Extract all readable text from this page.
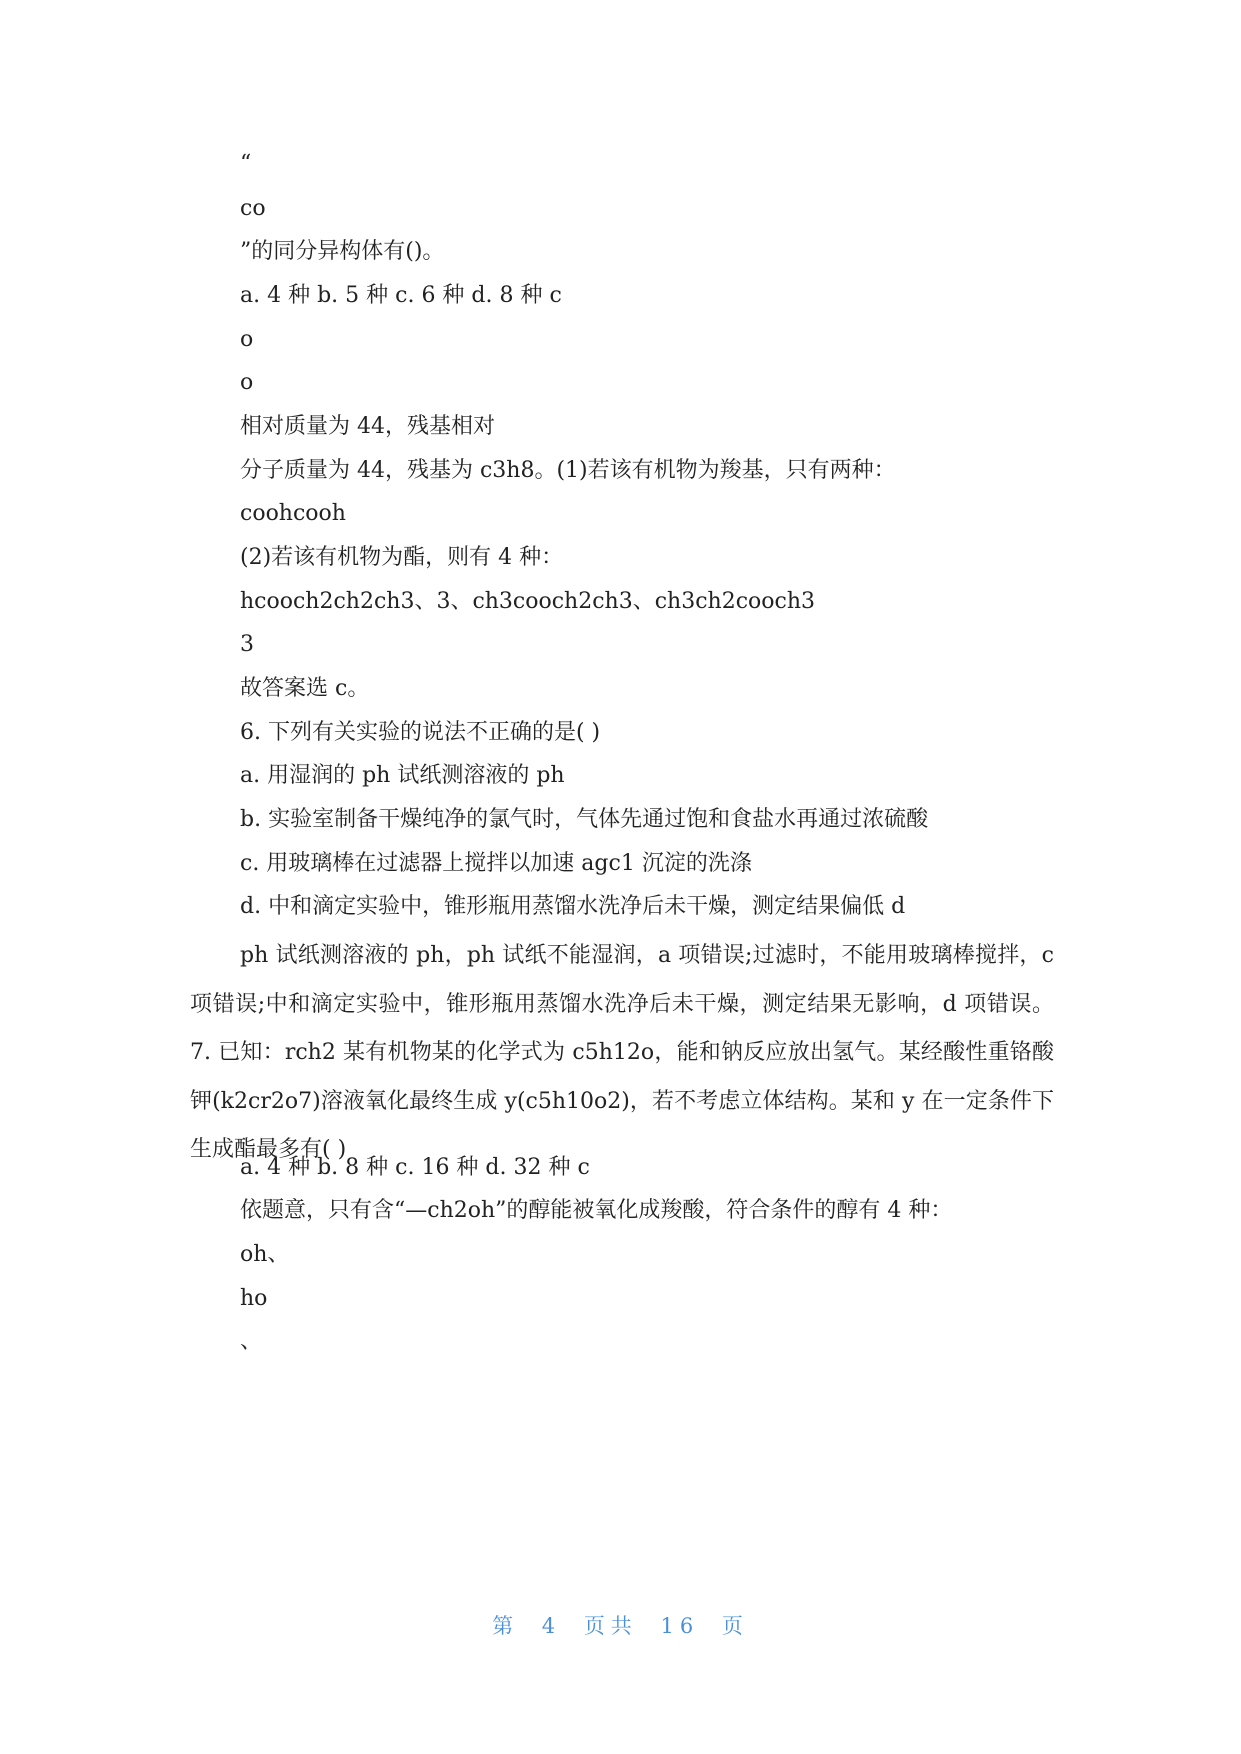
“
co
”的同分异构体有()。
a. 4 种 b. 5 种 c. 6 种 d. 8 种 c
o
o
相对质量为 44，残基相对
分子质量为 44，残基为 c3h8。(1)若该有机物为羧基，只有两种：
coohcooh
(2)若该有机物为酯，则有 4 种：
hcooch2ch2ch3、3、ch3cooch2ch3、ch3ch2cooch3
3
故答案选 c。
6. 下列有关实验的说法不正确的是( )
a. 用湿润的 ph 试纸测溶液的 ph
b. 实验室制备干燥纯净的氯气时，气体先通过饱和食盐水再通过浓硫酸
c. 用玻璃棒在过滤器上搅拌以加速 agc1 沉淀的洗涤
d. 中和滴定实验中，锥形瓶用蒸馏水洗净后未干燥，测定结果偏低 d
ph 试纸测溶液的 ph，ph 试纸不能湿润，a 项错误;过滤时，不能用玻璃棒搅拌，c 项错误;中和滴定实验中，锥形瓶用蒸馏水洗净后未干燥，测定结果无影响，d 项错误。 7. 已知：rch2 某有机物某的化学式为 c5h12o，能和钠反应放出氢气。某经酸性重铬酸钾(k2cr2o7)溶液氧化最终生成 y(c5h10o2)，若不考虑立体结构。某和 y 在一定条件下生成酯最多有( )
a. 4 种 b. 8 种 c. 16 种 d. 32 种 c
依题意，只有含“—ch2oh”的醇能被氧化成羧酸，符合条件的醇有 4 种：
oh、
ho
、
第 4 页共 16 页
